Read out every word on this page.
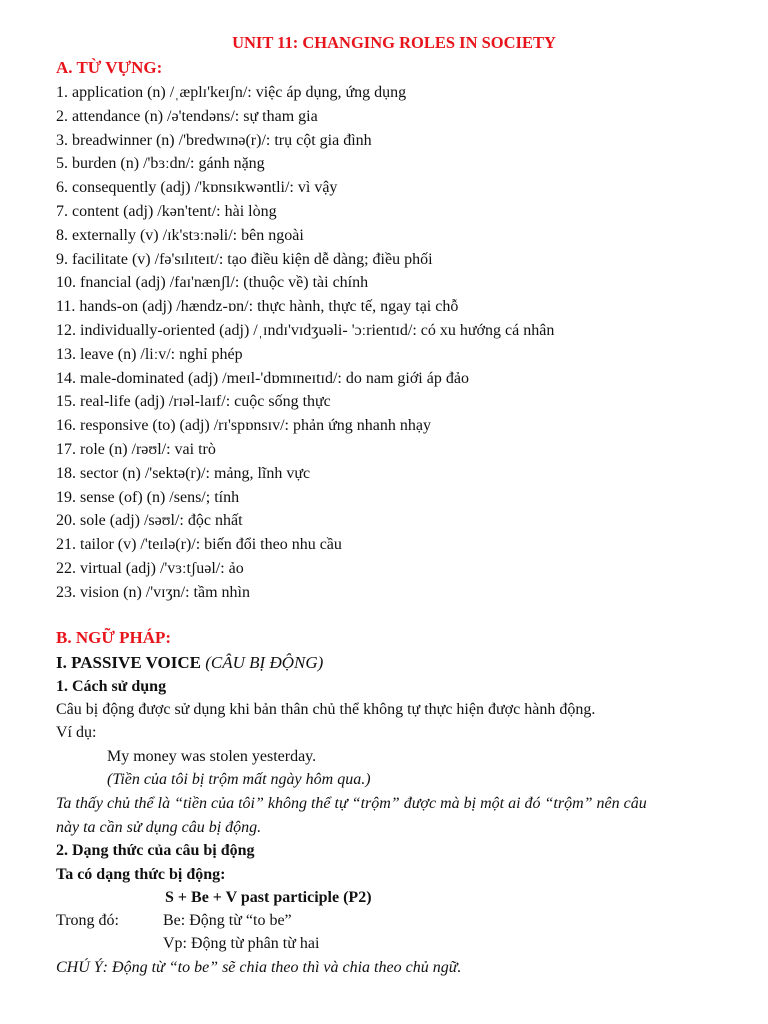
UNIT 11: CHANGING ROLES IN SOCIETY
A. TỪ VỰNG:
1. application (n) /ˌæplɪ'keɪʃn/: việc áp dụng, ứng dụng
2. attendance (n) /ə'tendəns/: sự tham gia
3. breadwinner (n) /'bredwɪnə(r)/: trụ cột gia đình
5. burden (n) /'bɜːdn/: gánh nặng
6. consequently (adj) /'kɒnsɪkwəntli/: vì vậy
7. content (adj) /kən'tent/: hài lòng
8. externally (v) /ɪk'stɜːnəli/: bên ngoài
9. facilitate (v) /fə'sɪlɪteɪt/: tạo điều kiện dễ dàng; điều phối
10. fnancial (adj) /faɪ'nænʃl/: (thuộc về) tài chính
11. hands-on (adj) /hændz-ɒn/: thực hành, thực tế, ngay tại chỗ
12. individually-oriented (adj) /ˌɪndɪ'vɪdʒuəli- 'ɔːrientɪd/: có xu hướng cá nhân
13. leave (n) /liːv/: nghỉ phép
14. male-dominated (adj) /meɪl-'dɒmɪneɪtɪd/: do nam giới áp đảo
15. real-life (adj) /rɪəl-laɪf/: cuộc sống thực
16. responsive (to) (adj) /rɪ'spɒnsɪv/: phản ứng nhanh nhạy
17. role (n) /rəʊl/: vai trò
18. sector (n) /'sektə(r)/: mảng, lĩnh vực
19. sense (of) (n) /sens/; tính
20. sole (adj) /səʊl/: độc nhất
21. tailor (v) /'teɪlə(r)/: biến đổi theo nhu cầu
22. virtual (adj) /'vɜːtʃuəl/: ảo
23. vision (n) /'vɪʒn/: tầm nhìn
B. NGỮ PHÁP:
I. PASSIVE VOICE (CÂU BỊ ĐỘNG)
1. Cách sử dụng
Câu bị động được sử dụng khi bản thân chủ thể không tự thực hiện được hành động.
Ví dụ:
My money was stolen yesterday.
(Tiền của tôi bị trộm mất ngày hôm qua.)
Ta thấy chủ thể là “tiền của tôi” không thể tự “trộm” được mà bị một ai đó “trộm” nên câu
này ta cần sử dụng câu bị động.
2. Dạng thức của câu bị động
Ta có dạng thức bị động:
S + Be + V past participle (P2)
Trong đó:	Be: Động từ “to be”
Vp: Động từ phân từ hai
CHÚ Ý: Động từ “to be” sẽ chia theo thì và chia theo chủ ngữ.
